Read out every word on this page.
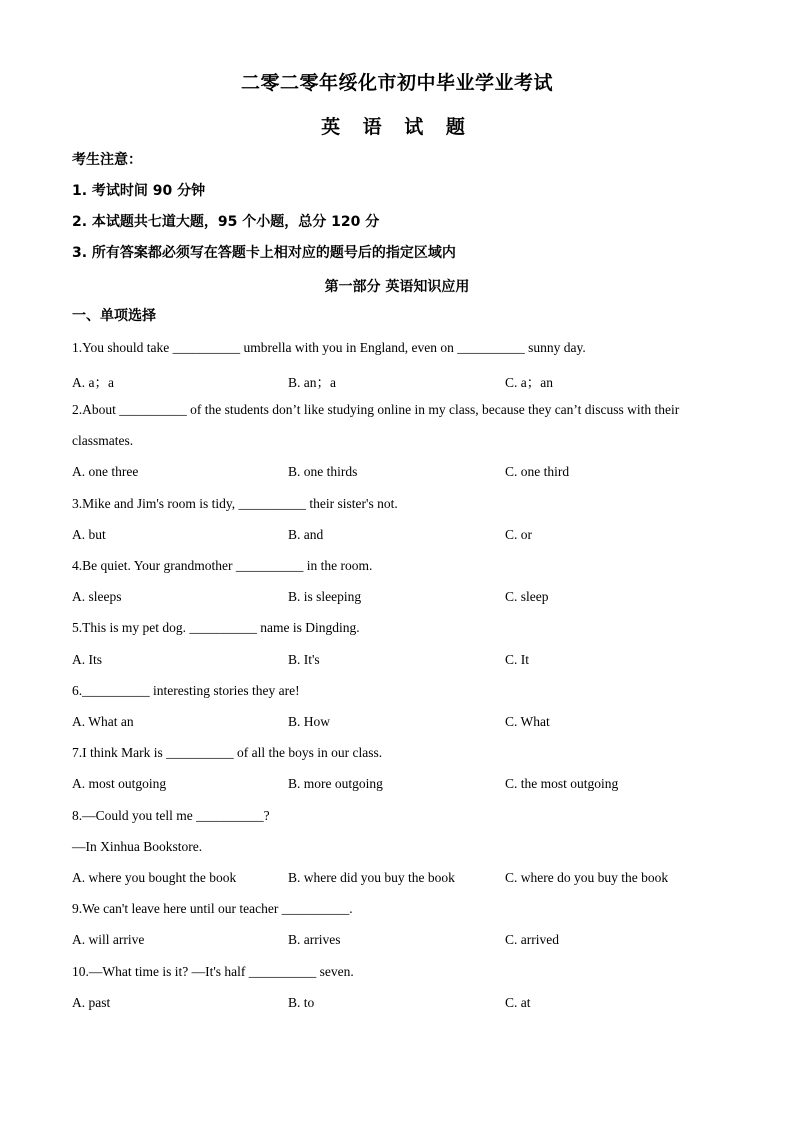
二零二零年绥化市初中毕业学业考试
英 语 试 题
考生注意：
1. 考试时间 90 分钟
2. 本试题共七道大题，95 个小题，总分 120 分
3. 所有答案都必须写在答题卡上相对应的题号后的指定区域内
第一部分 英语知识应用
一、单项选择
1.You should take __________ umbrella with you in England, even on __________ sunny day.
A. a；a	B. an；a	C. a；an
2.About __________ of the students don’t like studying online in my class, because they can’t discuss with their
classmates.
A. one three	B. one thirds	C. one third
3.Mike and Jim's room is tidy, __________ their sister's not.
A. but	B. and	C. or
4.Be quiet. Your grandmother __________ in the room.
A. sleeps	B. is sleeping	C. sleep
5.This is my pet dog. __________ name is Dingding.
A. Its	B. It's	C. It
6.__________ interesting stories they are!
A. What an	B. How	C. What
7.I think Mark is __________ of all the boys in our class.
A. most outgoing	B. more outgoing	C. the most outgoing
8.—Could you tell me __________?
—In Xinhua Bookstore.
A. where you bought the book	B. where did you buy the book	C. where do you buy the book
9.We can't leave here until our teacher __________.
A. will arrive	B. arrives	C. arrived
10.—What time is it? —It's half __________ seven.
A. past	B. to	C. at
